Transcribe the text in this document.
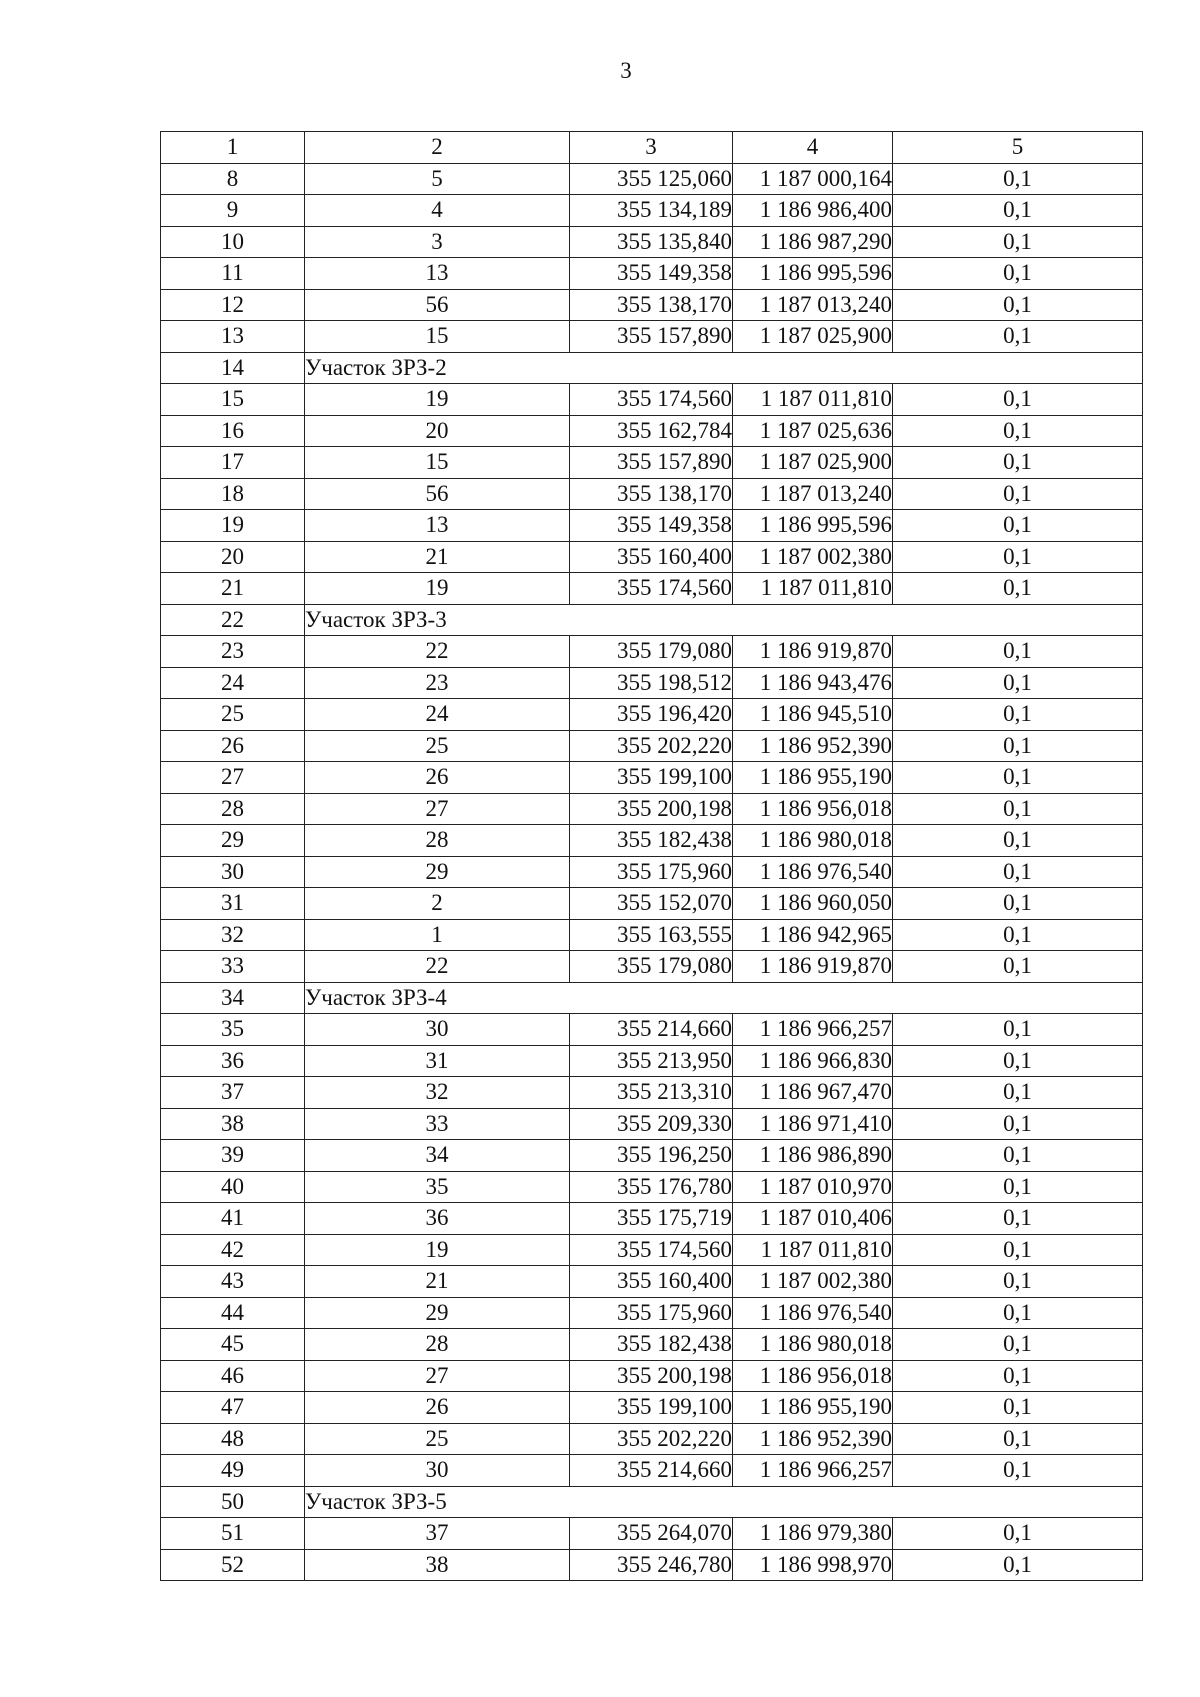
3
1	2	3	4	5
8	5	355 125,060	1 187 000,164	0,1
9	4	355 134,189	1 186 986,400	0,1
10	3	355 135,840	1 186 987,290	0,1
11	13	355 149,358	1 186 995,596	0,1
12	56	355 138,170	1 187 013,240	0,1
13	15	355 157,890	1 187 025,900	0,1
14	Участок ЗРЗ-2			
15	19	355 174,560	1 187 011,810	0,1
16	20	355 162,784	1 187 025,636	0,1
17	15	355 157,890	1 187 025,900	0,1
18	56	355 138,170	1 187 013,240	0,1
19	13	355 149,358	1 186 995,596	0,1
20	21	355 160,400	1 187 002,380	0,1
21	19	355 174,560	1 187 011,810	0,1
22	Участок ЗРЗ-3			
23	22	355 179,080	1 186 919,870	0,1
24	23	355 198,512	1 186 943,476	0,1
25	24	355 196,420	1 186 945,510	0,1
26	25	355 202,220	1 186 952,390	0,1
27	26	355 199,100	1 186 955,190	0,1
28	27	355 200,198	1 186 956,018	0,1
29	28	355 182,438	1 186 980,018	0,1
30	29	355 175,960	1 186 976,540	0,1
31	2	355 152,070	1 186 960,050	0,1
32	1	355 163,555	1 186 942,965	0,1
33	22	355 179,080	1 186 919,870	0,1
34	Участок ЗРЗ-4			
35	30	355 214,660	1 186 966,257	0,1
36	31	355 213,950	1 186 966,830	0,1
37	32	355 213,310	1 186 967,470	0,1
38	33	355 209,330	1 186 971,410	0,1
39	34	355 196,250	1 186 986,890	0,1
40	35	355 176,780	1 187 010,970	0,1
41	36	355 175,719	1 187 010,406	0,1
42	19	355 174,560	1 187 011,810	0,1
43	21	355 160,400	1 187 002,380	0,1
44	29	355 175,960	1 186 976,540	0,1
45	28	355 182,438	1 186 980,018	0,1
46	27	355 200,198	1 186 956,018	0,1
47	26	355 199,100	1 186 955,190	0,1
48	25	355 202,220	1 186 952,390	0,1
49	30	355 214,660	1 186 966,257	0,1
50	Участок ЗРЗ-5			
51	37	355 264,070	1 186 979,380	0,1
52	38	355 246,780	1 186 998,970	0,1
